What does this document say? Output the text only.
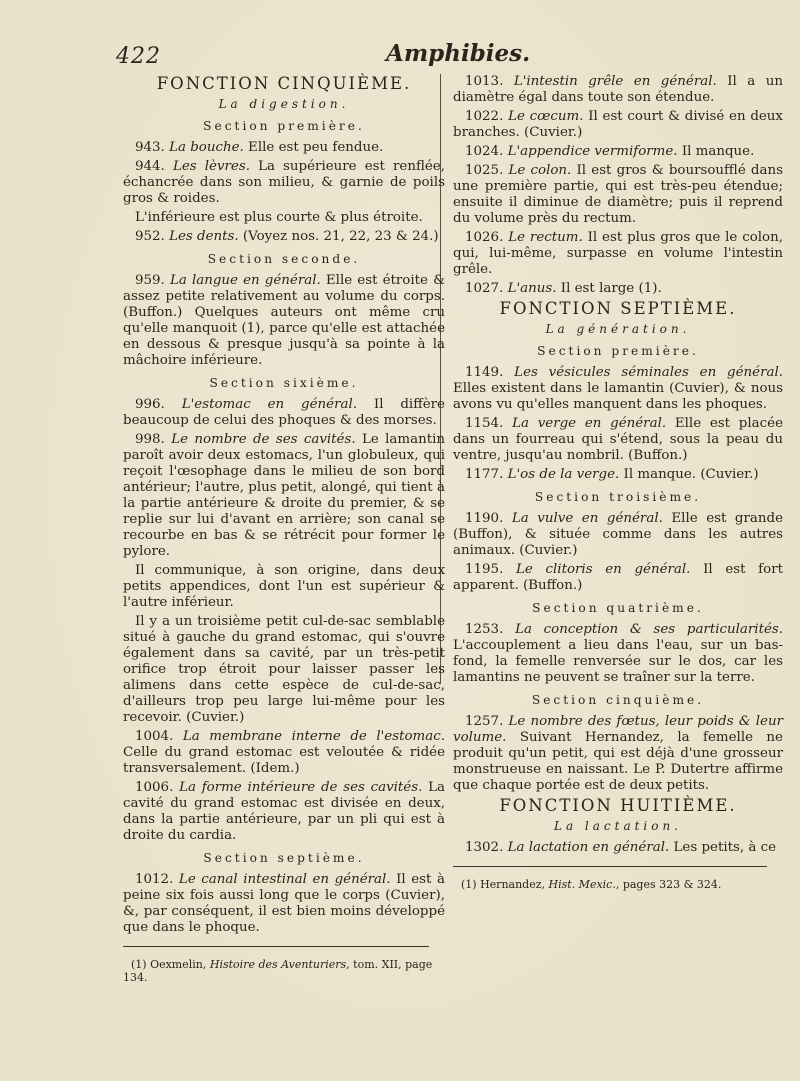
422	Amphibies.
FONCTION CINQUIÈME.
La digestion.
Section première.

943. La bouche. Elle est peu fendue.

944. Les lèvres. La supérieure est renflée, échancrée dans son milieu, & garnie de poils gros & roides.

L'inférieure est plus courte & plus étroite.

952. Les dents. (Voyez nos. 21, 22, 23 & 24.)

Section seconde.

959. La langue en général. Elle est étroite & assez petite relativement au volume du corps. (Buffon.) Quelques auteurs ont même cru qu'elle manquoit (1), parce qu'elle est attachée en dessous & presque jusqu'à sa pointe à la mâchoire inférieure.

Section sixième.

996. L'estomac en général. Il diffère beaucoup de celui des phoques & des morses.

998. Le nombre de ses cavités. Le lamantin paroît avoir deux estomacs, l'un globuleux, qui reçoit l'œsophage dans le milieu de son bord antérieur; l'autre, plus petit, alongé, qui tient à la partie antérieure & droite du premier, & se replie sur lui d'avant en arrière; son canal se recourbe en bas & se rétrécit pour former le pylore.

Il communique, à son origine, dans deux petits appendices, dont l'un est supérieur & l'autre inférieur.

Il y a un troisième petit cul-de-sac semblable situé à gauche du grand estomac, qui s'ouvre également dans sa cavité, par un très-petit orifice trop étroit pour laisser passer les alimens dans cette espèce de cul-de-sac, d'ailleurs trop peu large lui-même pour les recevoir. (Cuvier.)

1004. La membrane interne de l'estomac. Celle du grand estomac est veloutée & ridée transversalement. (Idem.)

1006. La forme intérieure de ses cavités. La cavité du grand estomac est divisée en deux, dans la partie antérieure, par un pli qui est à droite du cardia.

Section septième.

1012. Le canal intestinal en général. Il est à peine six fois aussi long que le corps (Cuvier), &, par conséquent, il est bien moins développé que dans le phoque.

(1) Oexmelin, Histoire des Aventuriers, tom. XII, page 134.

1013. L'intestin grêle en général. Il a un diamètre égal dans toute son étendue.

1022. Le cœcum. Il est court & divisé en deux branches. (Cuvier.)

1024. L'appendice vermiforme. Il manque.

1025. Le colon. Il est gros & boursoufflé dans une première partie, qui est très-peu étendue; ensuite il diminue de diamètre; puis il reprend du volume près du rectum.

1026. Le rectum. Il est plus gros que le colon, qui, lui-même, surpasse en volume l'intestin grêle.

1027. L'anus. Il est large (1).

FONCTION SEPTIÈME.
La génération.
Section première.

1149. Les vésicules séminales en général. Elles existent dans le lamantin (Cuvier), & nous avons vu qu'elles manquent dans les phoques.

1154. La verge en général. Elle est placée dans un fourreau qui s'étend, sous la peau du ventre, jusqu'au nombril. (Buffon.)

1177. L'os de la verge. Il manque. (Cuvier.)

Section troisième.

1190. La vulve en général. Elle est grande (Buffon), & située comme dans les autres animaux. (Cuvier.)

1195. Le clitoris en général. Il est fort apparent. (Buffon.)

Section quatrième.

1253. La conception & ses particularités. L'accouplement a lieu dans l'eau, sur un bas-fond, la femelle renversée sur le dos, car les lamantins ne peuvent se traîner sur la terre.

Section cinquième.

1257. Le nombre des fœtus, leur poids & leur volume. Suivant Hernandez, la femelle ne produit qu'un petit, qui est déjà d'une grosseur monstrueuse en naissant. Le P. Dutertre affirme que chaque portée est de deux petits.

FONCTION HUITIÈME.
La lactation.

1302. La lactation en général. Les petits, à ce

(1) Hernandez, Hist. Mexic., pages 323 & 324.
